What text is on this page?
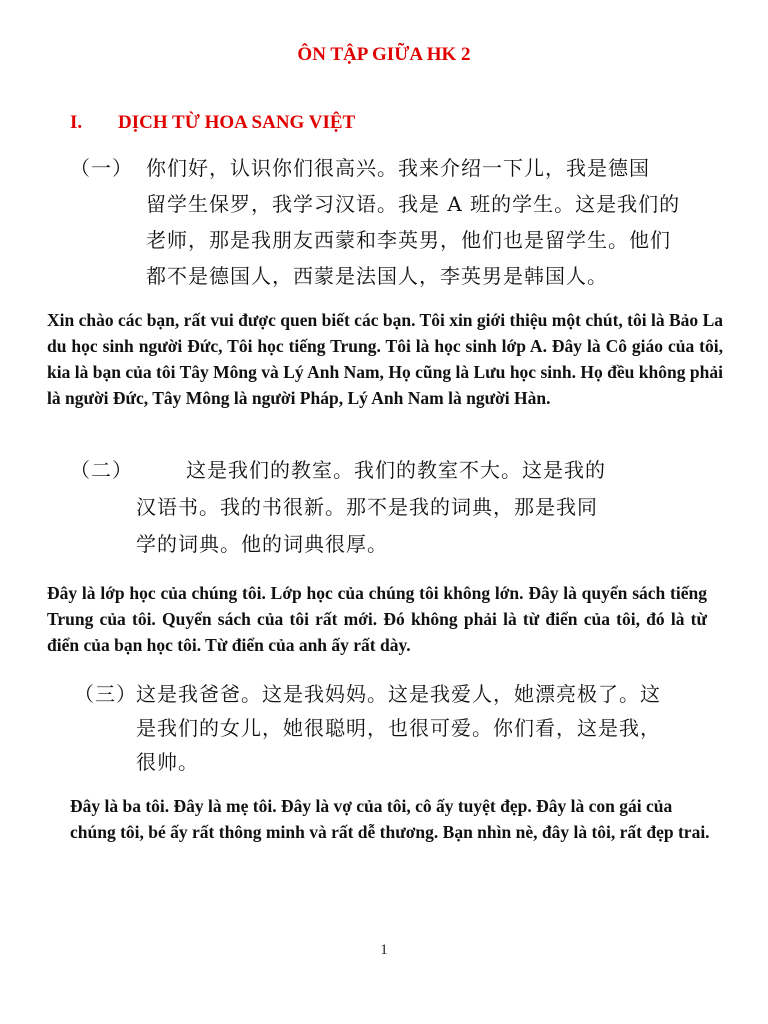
ÔN TẬP GIỮA HK 2
I. DỊCH TỪ HOA SANG VIỆT
（一） 你们好，认识你们很高兴。我来介绍一下儿，我是德国
留学生保罗，我学习汉语。我是 A 班的学生。这是我们的
老师，那是我朋友西蒙和李英男，他们也是留学生。他们
都不是德国人，西蒙是法国人，李英男是韩国人。
Xin chào các bạn, rất vui được quen biết các bạn. Tôi xin giới thiệu một chút, tôi là Bảo La du học sinh người Đức, Tôi học tiếng Trung. Tôi là học sinh lớp A. Đây là Cô giáo của tôi, kia là bạn của tôi Tây Mông và Lý Anh Nam, Họ cũng là Lưu học sinh. Họ đều không phải là người Đức, Tây Mông là người Pháp, Lý Anh Nam là người Hàn.
（二）	这是我们的教室。我们的教室不大。这是我的
汉语书。我的书很新。那不是我的词典，那是我同
学的词典。他的词典很厚。
Đây là lớp học của chúng tôi. Lớp học của chúng tôi không lớn. Đây là quyển sách tiếng Trung của tôi. Quyển sách của tôi rất mới. Đó không phải là từ điển của tôi, đó là từ điển của bạn học tôi. Từ điển của anh ấy rất dày.
（三） 这是我爸爸。这是我妈妈。这是我爱人，她漂亮极了。这
是我们的女儿，她很聪明，也很可爱。你们看，这是我，
很帅。
Đây là ba tôi. Đây là mẹ tôi. Đây là vợ của tôi, cô ấy tuyệt đẹp. Đây là con gái của chúng tôi, bé ấy rất thông minh và rất dễ thương. Bạn nhìn nè, đây là tôi, rất đẹp trai.
1
